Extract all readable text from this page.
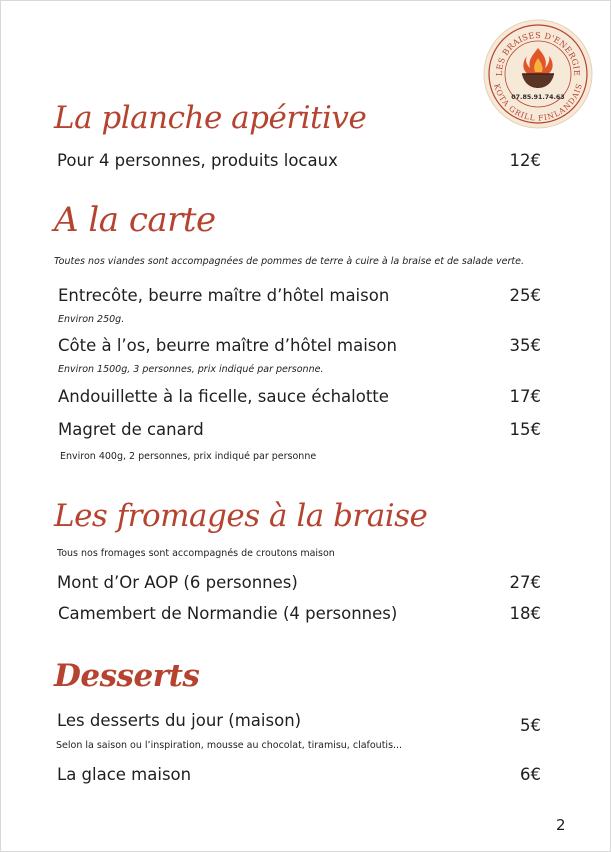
LES BRAISES D'ENERGIE
KOTA GRILL FINLANDAIS
07.85.91.74.63
La planche apéritive
Pour 4 personnes, produits locaux	12€
A la carte
Toutes nos viandes sont accompagnées de pommes de terre à cuire à la braise et de salade verte.
Entrecôte, beurre maître d’hôtel maison	25€
Environ 250g.
Côte à l’os, beurre maître d’hôtel maison	35€
Environ 1500g, 3 personnes, prix indiqué par personne.
Andouillette à la ficelle, sauce échalotte	17€
Magret de canard	15€
Environ 400g, 2 personnes, prix indiqué par personne
Les fromages à la braise
Tous nos fromages sont accompagnés de croutons maison
Mont d’Or AOP (6 personnes)	27€
Camembert de Normandie (4 personnes)	18€
Desserts
Les desserts du jour (maison)	5€
Selon la saison ou l’inspiration, mousse au chocolat, tiramisu, clafoutis...
La glace maison	6€
2
